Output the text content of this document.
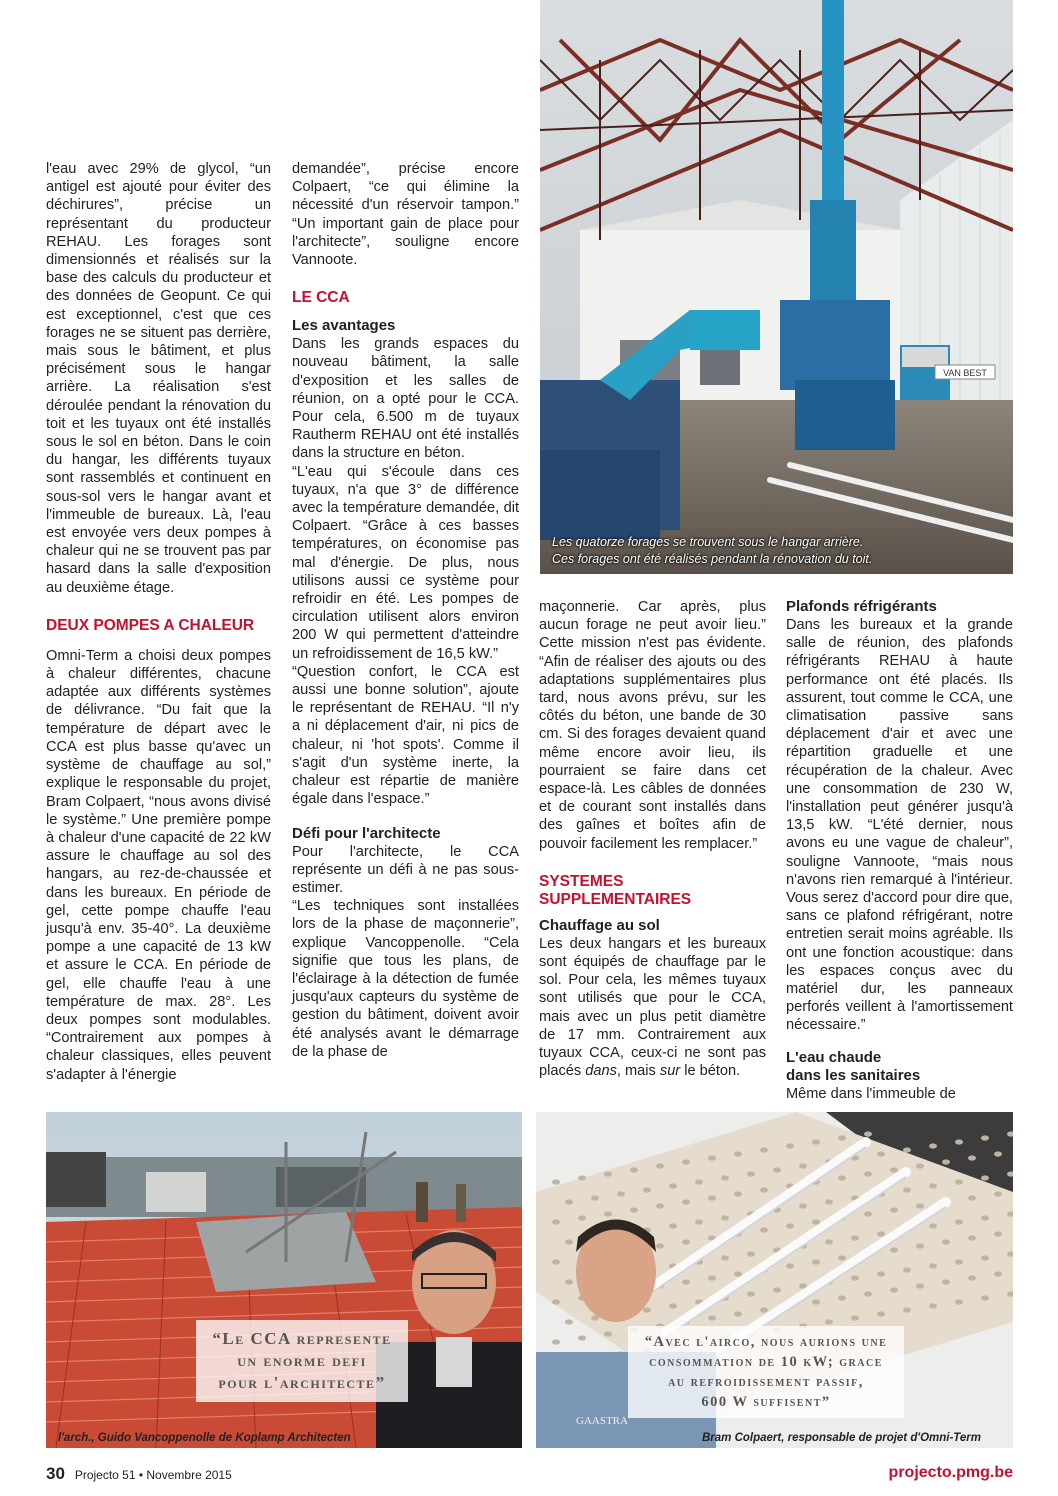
VAN BEST
Les quatorze forages se trouvent sous le hangar arrière.
Ces forages ont été réalisés pendant la rénovation du toit.

l'eau avec 29% de glycol, “un antigel est ajouté pour éviter des déchirures”, précise un représentant du producteur REHAU. Les forages sont dimensionnés et réalisés sur la base des calculs du producteur et des données de Geopunt. Ce qui est exceptionnel, c'est que ces forages ne se situent pas derrière, mais sous le bâtiment, et plus précisément sous le hangar arrière. La réalisation s'est déroulée pendant la rénovation du toit et les tuyaux ont été installés sous le sol en béton. Dans le coin du hangar, les différents tuyaux sont rassemblés et continuent en sous-sol vers le hangar avant et l'immeuble de bureaux. Là, l'eau est envoyée vers deux pompes à chaleur qui ne se trouvent pas par hasard dans la salle d'exposition au deuxième étage.

DEUX POMPES A CHALEUR

Omni-Term a choisi deux pompes à chaleur différentes, chacune adaptée aux différents systèmes de délivrance. “Du fait que la température de départ avec le CCA est plus basse qu'avec un système de chauffage au sol,” explique le responsable du projet, Bram Colpaert, “nous avons divisé le système.” Une première pompe à chaleur d'une capacité de 22 kW assure le chauffage au sol des hangars, au rez-de-chaussée et dans les bureaux. En période de gel, cette pompe chauffe l'eau jusqu'à env. 35-40°. La deuxième pompe a une capacité de 13 kW et assure le CCA. En période de gel, elle chauffe l'eau à une température de max. 28°. Les deux pompes sont modulables. “Contrairement aux pompes à chaleur classiques, elles peuvent s'adapter à l'énergie

demandée”, précise encore Colpaert, “ce qui élimine la nécessité d'un réservoir tampon.” “Un important gain de place pour l'architecte”, souligne encore Vannoote.

LE CCA
Les avantages

Dans les grands espaces du nouveau bâtiment, la salle d'exposition et les salles de réunion, on a opté pour le CCA. Pour cela, 6.500 m de tuyaux Rautherm REHAU ont été installés dans la structure en béton.

“L'eau qui s'écoule dans ces tuyaux, n'a que 3° de différence avec la température demandée, dit Colpaert. “Grâce à ces basses températures, on économise pas mal d'énergie. De plus, nous utilisons aussi ce système pour refroidir en été. Les pompes de circulation utilisent alors environ 200 W qui permettent d'atteindre un refroidissement de 16,5 kW.”

“Question confort, le CCA est aussi une bonne solution”, ajoute le représentant de REHAU. “Il n'y a ni déplacement d'air, ni pics de chaleur, ni 'hot spots'. Comme il s'agit d'un système inerte, la chaleur est répartie de manière égale dans l'espace.”

Défi pour l'architecte

Pour l'architecte, le CCA représente un défi à ne pas sous-estimer.

“Les techniques sont installées lors de la phase de maçonnerie”, explique Vancoppenolle. “Cela signifie que tous les plans, de l'éclairage à la détection de fumée jusqu'aux capteurs du système de gestion du bâtiment, doivent avoir été analysés avant le démarrage de la phase de

maçonnerie. Car après, plus aucun forage ne peut avoir lieu.” Cette mission n'est pas évidente. “Afin de réaliser des ajouts ou des adaptations supplémentaires plus tard, nous avons prévu, sur les côtés du béton, une bande de 30 cm. Si des forages devaient quand même encore avoir lieu, ils pourraient se faire dans cet espace-là. Les câbles de données et de courant sont installés dans des gaînes et boîtes afin de pouvoir facilement les remplacer.”

SYSTEMES SUPPLEMENTAIRES
Chauffage au sol

Les deux hangars et les bureaux sont équipés de chauffage par le sol. Pour cela, les mêmes tuyaux sont utilisés que pour le CCA, mais avec un plus petit diamètre de 17 mm. Contrairement aux tuyaux CCA, ceux-ci ne sont pas placés dans, mais sur le béton.

Plafonds réfrigérants

Dans les bureaux et la grande salle de réunion, des plafonds réfrigérants REHAU à haute performance ont été placés. Ils assurent, tout comme le CCA, une climatisation passive sans déplacement d'air et avec une répartition graduelle et une récupération de la chaleur. Avec une consommation de 230 W, l'installation peut générer jusqu'à 13,5 kW. “L'été dernier, nous avons eu une vague de chaleur”, souligne Vannoote, “mais nous n'avons rien remarqué à l'intérieur. Vous serez d'accord pour dire que, sans ce plafond réfrigérant, notre entretien serait moins agréable. Ils ont une fonction acoustique: dans les espaces conçus avec du matériel dur, les panneaux perforés veillent à l'amortissement nécessaire.”

L'eau chaude
dans les sanitaires

Même dans l'immeuble de

“Le CCA represente
un enorme defi
pour l'architecte”
l'arch., Guido Vancoppenolle de Koplamp Architecten
GAASTRA
“Avec l'airco, nous aurions une
consommation de 10 kW; grace
au refroidissement passif,
600 W suffisent”
Bram Colpaert, responsable de projet d'Omni-Term
30 Projecto 51 • Novembre 2015	projecto.pmg.be
